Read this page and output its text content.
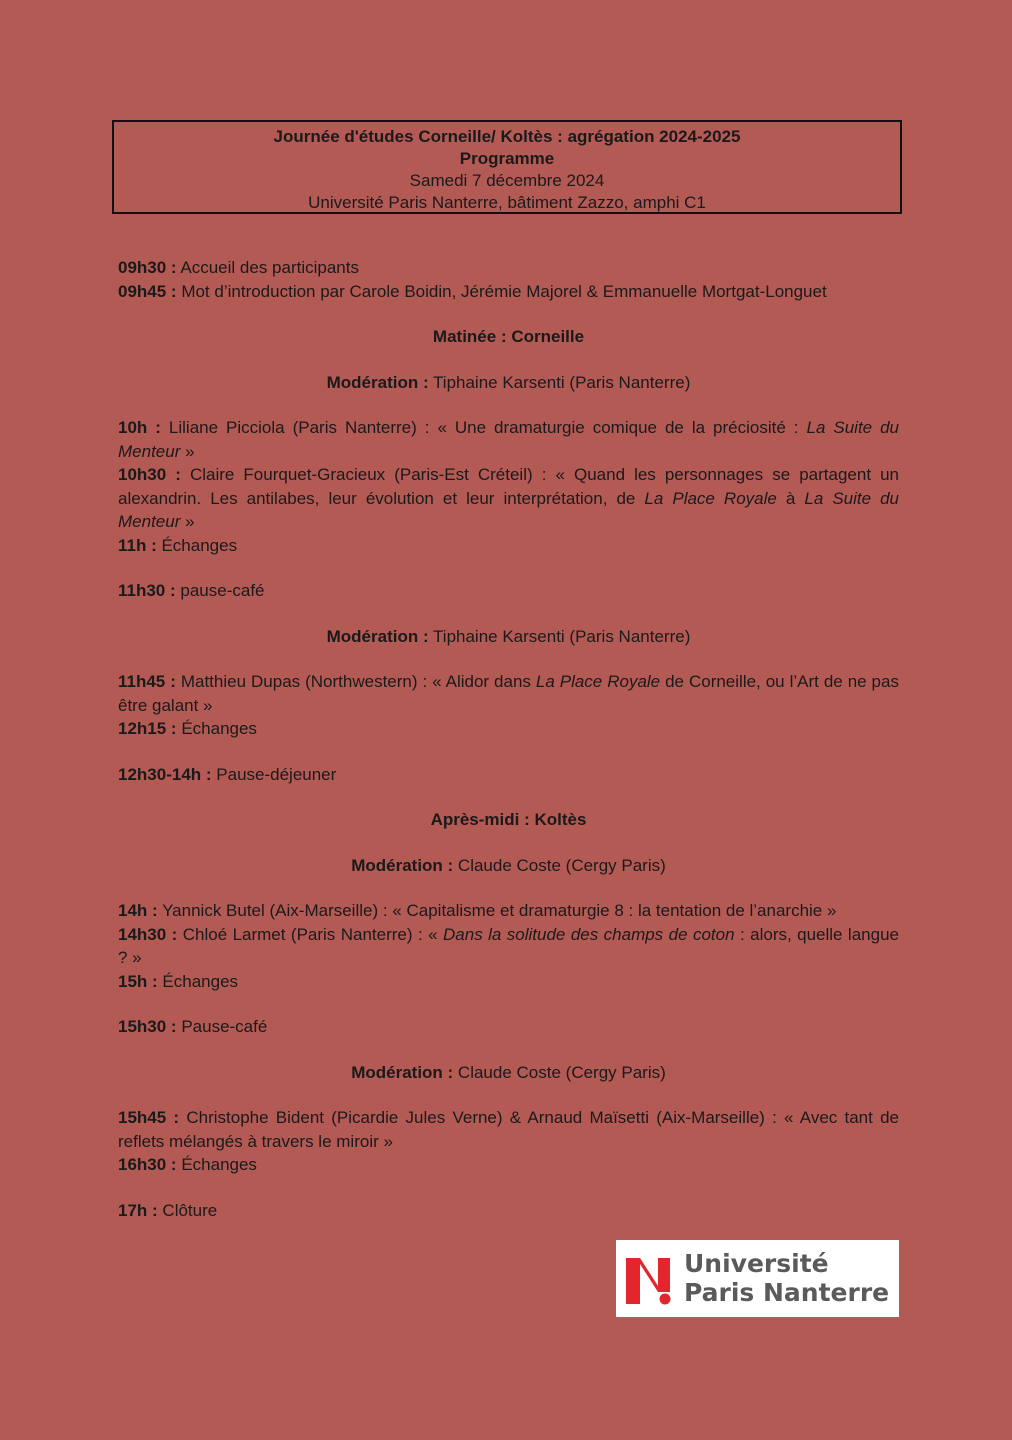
Journée d'études Corneille/ Koltès : agrégation 2024-2025
Programme
Samedi 7 décembre 2024
Université Paris Nanterre, bâtiment Zazzo, amphi C1

09h30 : Accueil des participants

09h45 : Mot d’introduction par Carole Boidin, Jérémie Majorel & Emmanuelle Mortgat-Longuet

Matinée : Corneille

Modération : Tiphaine Karsenti (Paris Nanterre)

10h : Liliane Picciola (Paris Nanterre) : « Une dramaturgie comique de la préciosité : La Suite du Menteur »

10h30 : Claire Fourquet-Gracieux (Paris-Est Créteil) : « Quand les personnages se partagent un alexandrin. Les antilabes, leur évolution et leur interprétation, de La Place Royale à La Suite du Menteur »

11h : Échanges

11h30 : pause-café

Modération : Tiphaine Karsenti (Paris Nanterre)

11h45 : Matthieu Dupas (Northwestern) : « Alidor dans La Place Royale de Corneille, ou l’Art de ne pas être galant »

12h15 : Échanges

12h30-14h : Pause-déjeuner

Après-midi : Koltès

Modération : Claude Coste (Cergy Paris)

14h : Yannick Butel (Aix-Marseille) : « Capitalisme et dramaturgie 8 : la tentation de l’anarchie »

14h30 : Chloé Larmet (Paris Nanterre) : « Dans la solitude des champs de coton : alors, quelle langue ? »

15h : Échanges

15h30 : Pause-café

Modération : Claude Coste (Cergy Paris)

15h45 : Christophe Bident (Picardie Jules Verne) & Arnaud Maïsetti (Aix-Marseille) : « Avec tant de reflets mélangés à travers le miroir »

16h30 : Échanges

17h : Clôture

Université
Paris Nanterre
